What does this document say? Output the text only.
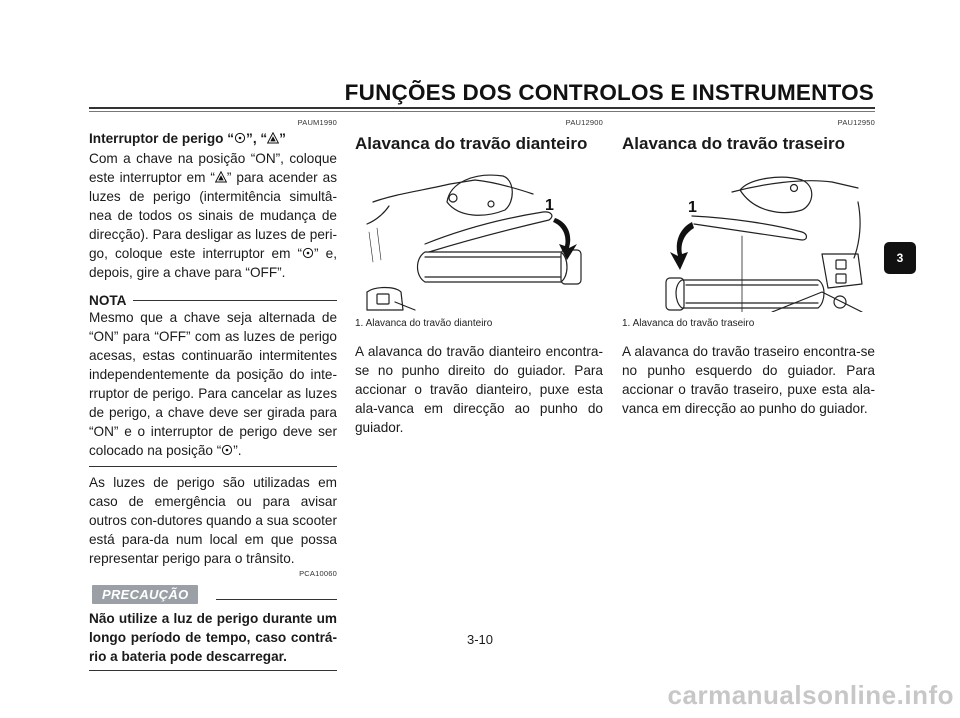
FUNÇÕES DOS CONTROLOS E INSTRUMENTOS
PAUM1990
Interruptor de perigo “ ”, “ ”
Com a chave na posição “ON”, coloque este interruptor em “ ” para acender as luzes de perigo (intermitência simultâ-nea de todos os sinais de mudança de direcção). Para desligar as luzes de peri-go, coloque este interruptor em “ ” e, depois, gire a chave para “OFF”.
NOTA
Mesmo que a chave seja alternada de “ON” para “OFF” com as luzes de perigo acesas, estas continuarão intermitentes independentemente da posição do inte-rruptor de perigo. Para cancelar as luzes de perigo, a chave deve ser girada para “ON” e o interruptor de perigo deve ser colocado na posição “ ”.
As luzes de perigo são utilizadas em caso de emergência ou para avisar outros con-dutores quando a sua scooter está para-da num local em que possa representar perigo para o trânsito.
PCA10060
PRECAUÇÃO
Não utilize a luz de perigo durante um longo período de tempo, caso contrá-rio a bateria pode descarregar.
PAU12900
Alavanca do travão dianteiro
1
1. Alavanca do travão dianteiro
A alavanca do travão dianteiro encontra-se no punho direito do guiador. Para accionar o travão dianteiro, puxe esta ala-vanca em direcção ao punho do guiador.
PAU12950
Alavanca do travão traseiro
1
1. Alavanca do travão traseiro
A alavanca do travão traseiro encontra-se no punho esquerdo do guiador. Para accionar o travão traseiro, puxe esta ala-vanca em direcção ao punho do guiador.
3
3-10
carmanualsonline.info
